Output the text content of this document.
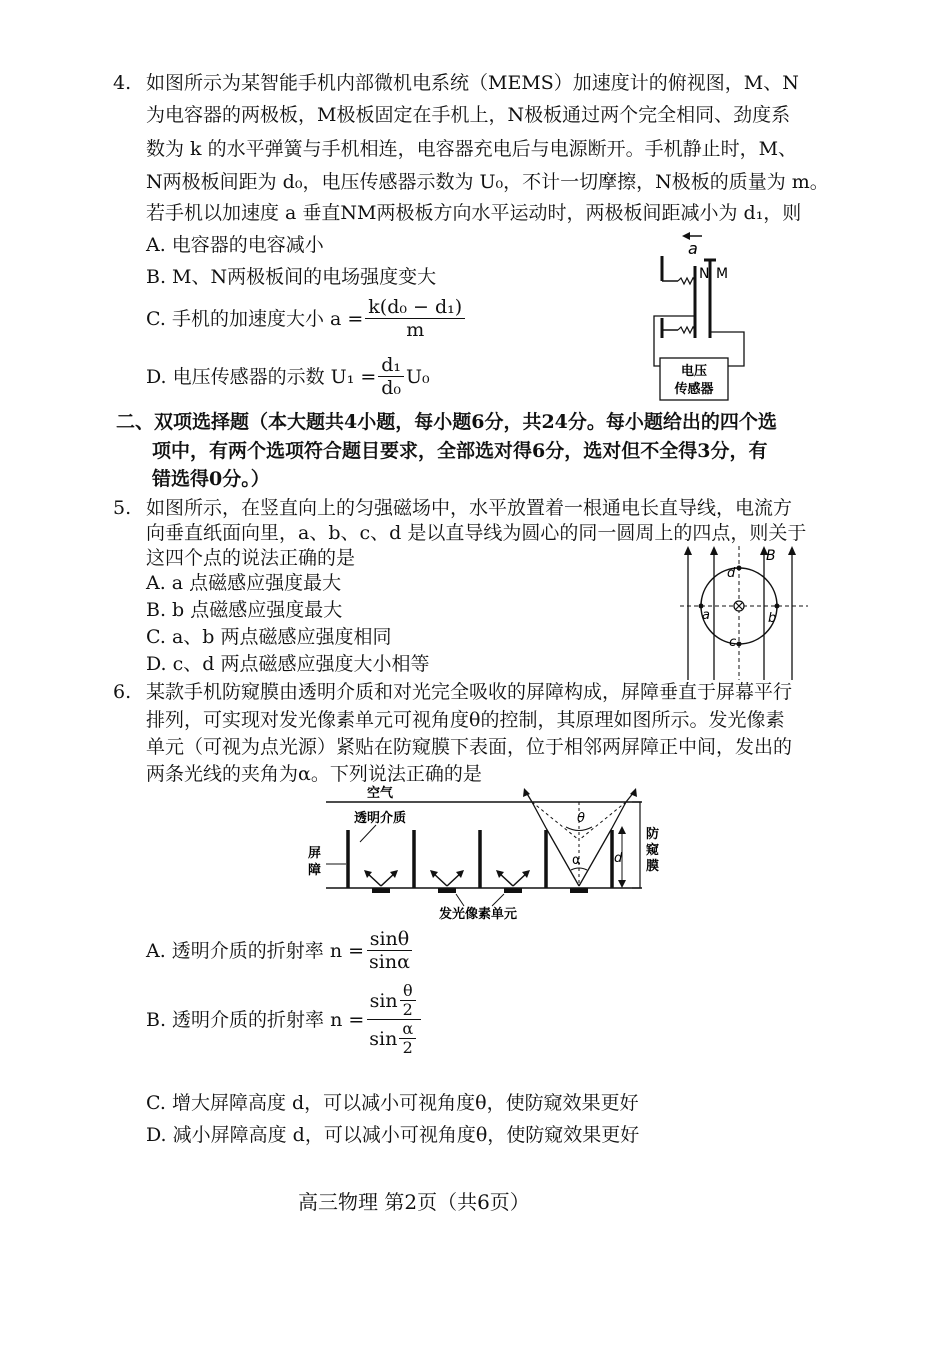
4. 如图所示为某智能手机内部微机电系统（MEMS）加速度计的俯视图，M、N
为电容器的两极板，M极板固定在手机上，N极板通过两个完全相同、劲度系
数为 k 的水平弹簧与手机相连，电容器充电后与电源断开。手机静止时，M、
N两极板间距为 d₀，电压传感器示数为 U₀，不计一切摩擦，N极板的质量为 m。
若手机以加速度 a 垂直NM两极板方向水平运动时，两极板间距减小为 d₁，则
A. 电容器的电容减小
B. M、N两极板间的电场强度变大
C. 手机的加速度大小 $a = \frac{\text{k(d₀ − d₁)}}{m}$
D. 电压传感器的示数 $U_1 = \frac{\text{d₁}}{\text{d₀}} U_0$
a
N M
电压
传感器
二、双项选择题（本大题共4小题，每小题6分，共24分。每小题给出的四个选
项中，有两个选项符合题目要求，全部选对得6分，选对但不全得3分，有
错选得0分。）
5. 如图所示，在竖直向上的匀强磁场中，水平放置着一根通电长直导线，电流方
向垂直纸面向里，a、b、c、d 是以直导线为圆心的同一圆周上的四点，则关于
这四个点的说法正确的是
A. a 点磁感应强度最大
B. b 点磁感应强度最大
C. a、b 两点磁感应强度相同
D. c、d 两点磁感应强度大小相等
B
a	b
c
d
6. 某款手机防窥膜由透明介质和对光完全吸收的屏障构成，屏障垂直于屏幕平行
排列，可实现对发光像素单元可视角度θ的控制，其原理如图所示。发光像素
单元（可视为点光源）紧贴在防窥膜下表面，位于相邻两屏障正中间，发出的
两条光线的夹角为α。下列说法正确的是
空气
透明介质
屏
障
θ
α	d
防
窥
膜
发光像素单元
A. 透明介质的折射率 $n = \frac{\sin\theta}{\sin\alpha}$
B. 透明介质的折射率 $n = \frac{\sin \frac{\theta}{2}}{\sin \frac{\alpha}{2}}$
C. 增大屏障高度 d，可以减小可视角度θ，使防窥效果更好
D. 减小屏障高度 d，可以减小可视角度θ，使防窥效果更好
高三物理 第2页（共6页）
